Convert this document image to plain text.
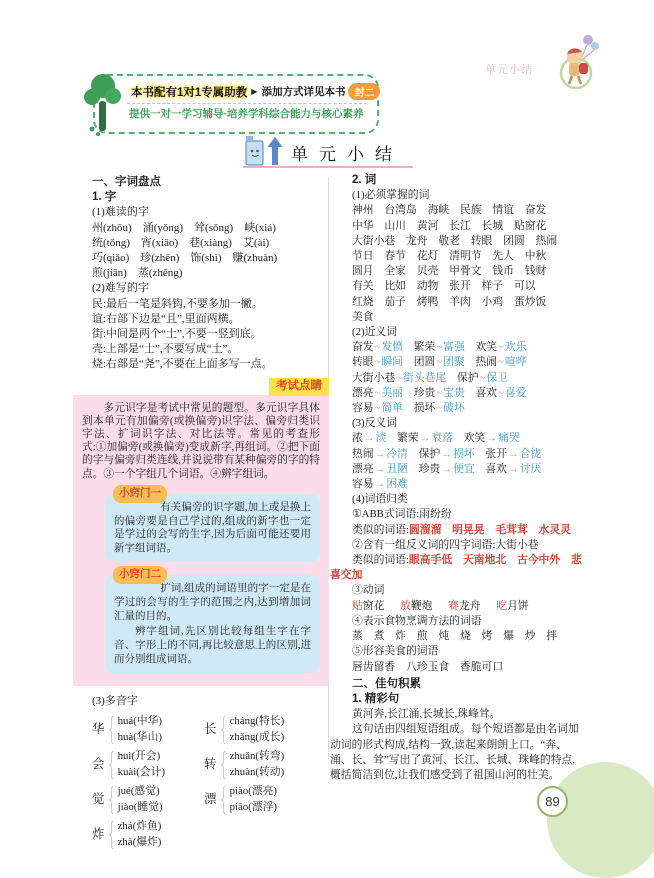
单元小结
本书配有1对1专属助教 ▶ 添加方式详见本书 封二
提供一对一学习辅导·培养学科综合能力与核心素养
单元小结
一、字词盘点
1. 字
(1)难读的字
州(zhōu)　涌(yǒng)　耸(sǒng)　峡(xiá)
统(tǒng)　宵(xiāo)　巷(xiàng)　艾(ài)
巧(qiǎo)　珍(zhēn)　饰(shì)　赚(zhuàn)
煎(jiān)　蒸(zhēng)
(2)难写的字
民:最后一笔是斜钩,不要多加一撇。
谊:右部下边是“且”,里面两横。
街:中间是两个“土”,不要一竖到底。
壳:上部是“士”,不要写成“土”。
烧:右部是“尧”,不要在上面多写一点。
考试点睛
多元识字是考试中常见的题型。多元识字具体到本单元有加偏旁(或换偏旁)识字法、偏旁归类识字法、扩词识字法、对比法等。常见的考查形式:①加偏旁(或换偏旁)变成新字,再组词。②把下面的字与偏旁归类连线,并说说带有某种偏旁的字的特点。③一个字组几个词语。④辨字组词。
小窍门一
有关偏旁的识字题,加上或是换上的偏旁要是自己学过的,组成的新字也一定是学过的会写的生字,因为后面可能还要用新字组词语。
小窍门二
扩词,组成的词语里的字一定是在学过的会写的生字的范围之内,达到增加词汇量的目的。
辨字组词,先区别比较每组生字在字音、字形上的不同,再比较意思上的区别,进而分别组成词语。
(3)多音字
华 { huá(中华)
huà(华山)
会 { huì(开会)
kuài(会计)
觉 { jué(感觉)
jiào(睡觉)
炸 { zhá(炸鱼)
zhà(爆炸)
长 { cháng(特长)
zhǎng(成长)
转 { zhuǎn(转弯)
zhuàn(转动)
漂 { piào(漂亮)
piāo(漂浮)
2. 词
(1)必须掌握的词
神州　台湾岛　海峡　民族　情谊　奋发
中华　山川　黄河　长江　长城　贴窗花
大街小巷　龙舟　敬老　转眼　团圆　热闹
节日　春节　花灯　清明节　先人　中秋
圆月　全家　贝壳　甲骨文　钱币　钱财
有关　比如　动物　张开　样子　可以
红烧　茄子　烤鸭　羊肉　小鸡　蛋炒饭
美食
(2)近义词
奋发~发愤 繁荣~富强 欢笑~欢乐
转眼~瞬间 团圆~团聚 热闹~喧哗
大街小巷~街头巷尾 保护~保卫
漂亮~美丽 珍贵~宝贵 喜欢~喜爱
容易~简单 损坏~破坏
(3)反义词
浓→淡 繁荣→衰落 欢笑→痛哭
热闹→冷清 保护→损坏 张开→合拢
漂亮→丑陋 珍贵→便宜 喜欢→讨厌
容易→困难
(4)词语归类
①ABB式词语:雨纷纷
类似的词语:圆溜溜　明晃晃　毛茸茸　水灵灵
②含有一组反义词的四字词语:大街小巷
类似的词语:眼高手低　天南地北　古今中外　悲喜交加
③动词
贴窗花 放鞭炮 赛龙舟 吃月饼
④表示食物烹调方法的词语
蒸　煮　炸　煎　炖　烧　烤　爆　炒　拌
⑤形容美食的词语
唇齿留香　八珍玉食　香脆可口
二、佳句积累
1. 精彩句
黄河奔,长江涌,长城长,珠峰耸。
这句话由四组短语组成。每个短语都是由名词加动词的形式构成,结构一致,读起来朗朗上口。“奔、涌、长、耸”写出了黄河、长江、长城、珠峰的特点,概括简洁到位,让我们感受到了祖国山河的壮美。
89
